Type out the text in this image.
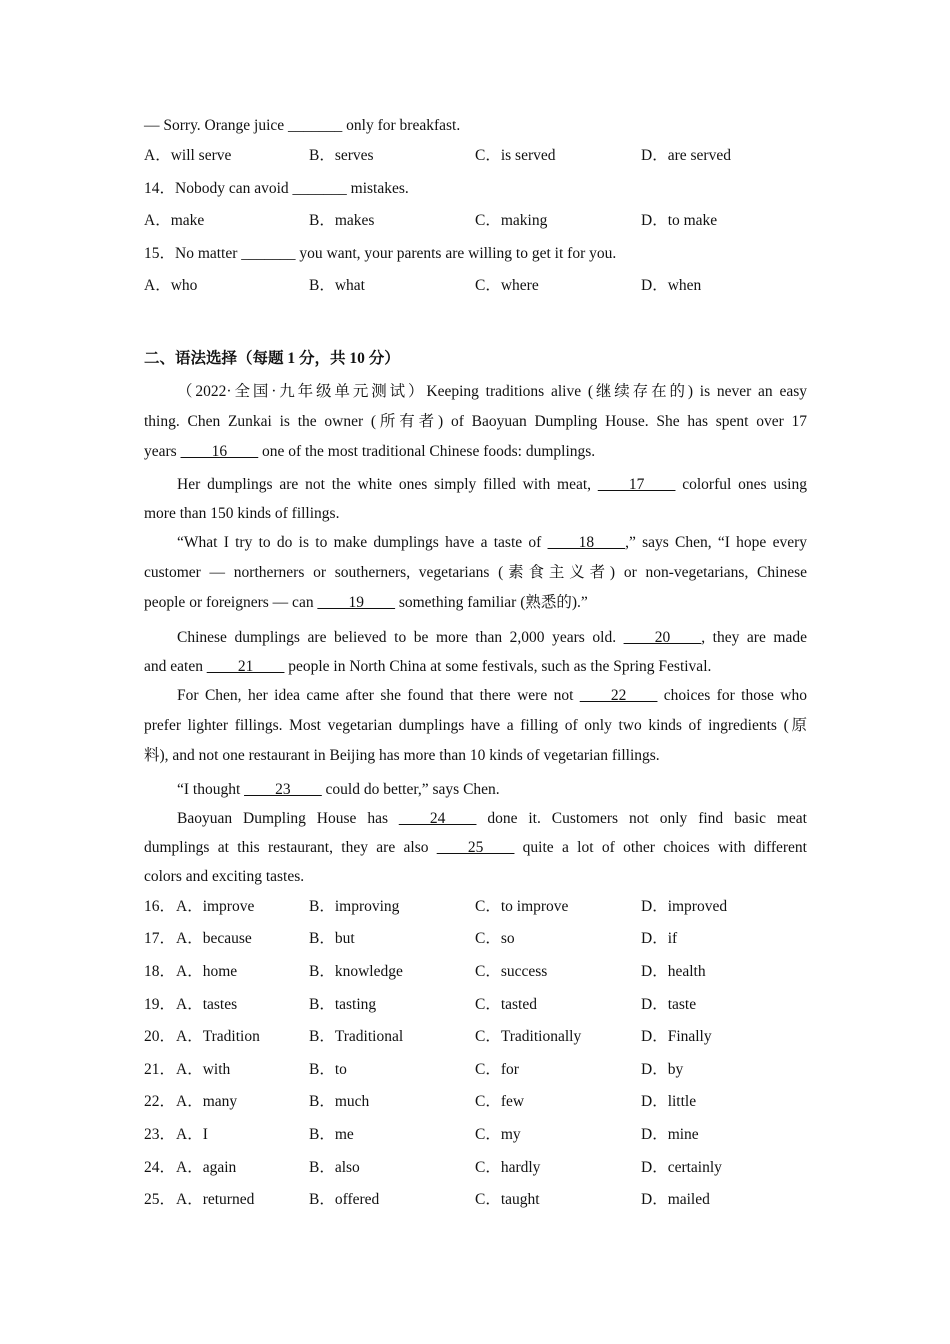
— Sorry. Orange juice _______ only for breakfast.
A．will serve	B．serves	C．is served	D．are served
14．Nobody can avoid _______ mistakes.
A．make	B．makes	C．making	D．to make
15．No matter _______ you want, your parents are willing to get it for you.
A．who	B．what	C．where	D．when
二、语法选择（每题 1 分，共 10 分）
（2022·全国·九年级单元测试）Keeping traditions alive (继续存在的) is never an easy
thing. Chen Zunkai is the owner (所有者) of Baoyuan Dumpling House. She has spent over 17
years ____16____ one of the most traditional Chinese foods: dumplings.
Her dumplings are not the white ones simply filled with meat, ____17____ colorful ones using
more than 150 kinds of fillings.
“What I try to do is to make dumplings have a taste of ____18____,” says Chen, “I hope every
customer — northerners or southerners, vegetarians (素食主义者) or non-vegetarians, Chinese
people or foreigners — can ____19____ something familiar (熟悉的).”
Chinese dumplings are believed to be more than 2,000 years old. ____20____, they are made
and eaten ____21____ people in North China at some festivals, such as the Spring Festival.
For Chen, her idea came after she found that there were not ____22____ choices for those who
prefer lighter fillings. Most vegetarian dumplings have a filling of only two kinds of ingredients (原
料), and not one restaurant in Beijing has more than 10 kinds of vegetarian fillings.
“I thought ____23____ could do better,” says Chen.
Baoyuan Dumpling House has ____24____ done it. Customers not only find basic meat
dumplings at this restaurant, they are also ____25____ quite a lot of other choices with different
colors and exciting tastes.
16． A．improve	B．improving	C．to improve	D．improved
17． A．because	B．but	C．so	D．if
18． A．home	B．knowledge	C．success	D．health
19． A．tastes	B．tasting	C．tasted	D．taste
20． A．Tradition	B．Traditional	C．Traditionally	D．Finally
21． A．with	B．to	C．for	D．by
22． A．many	B．much	C．few	D．little
23． A．I	B．me	C．my	D．mine
24． A．again	B．also	C．hardly	D．certainly
25． A．returned	B．offered	C．taught	D．mailed
